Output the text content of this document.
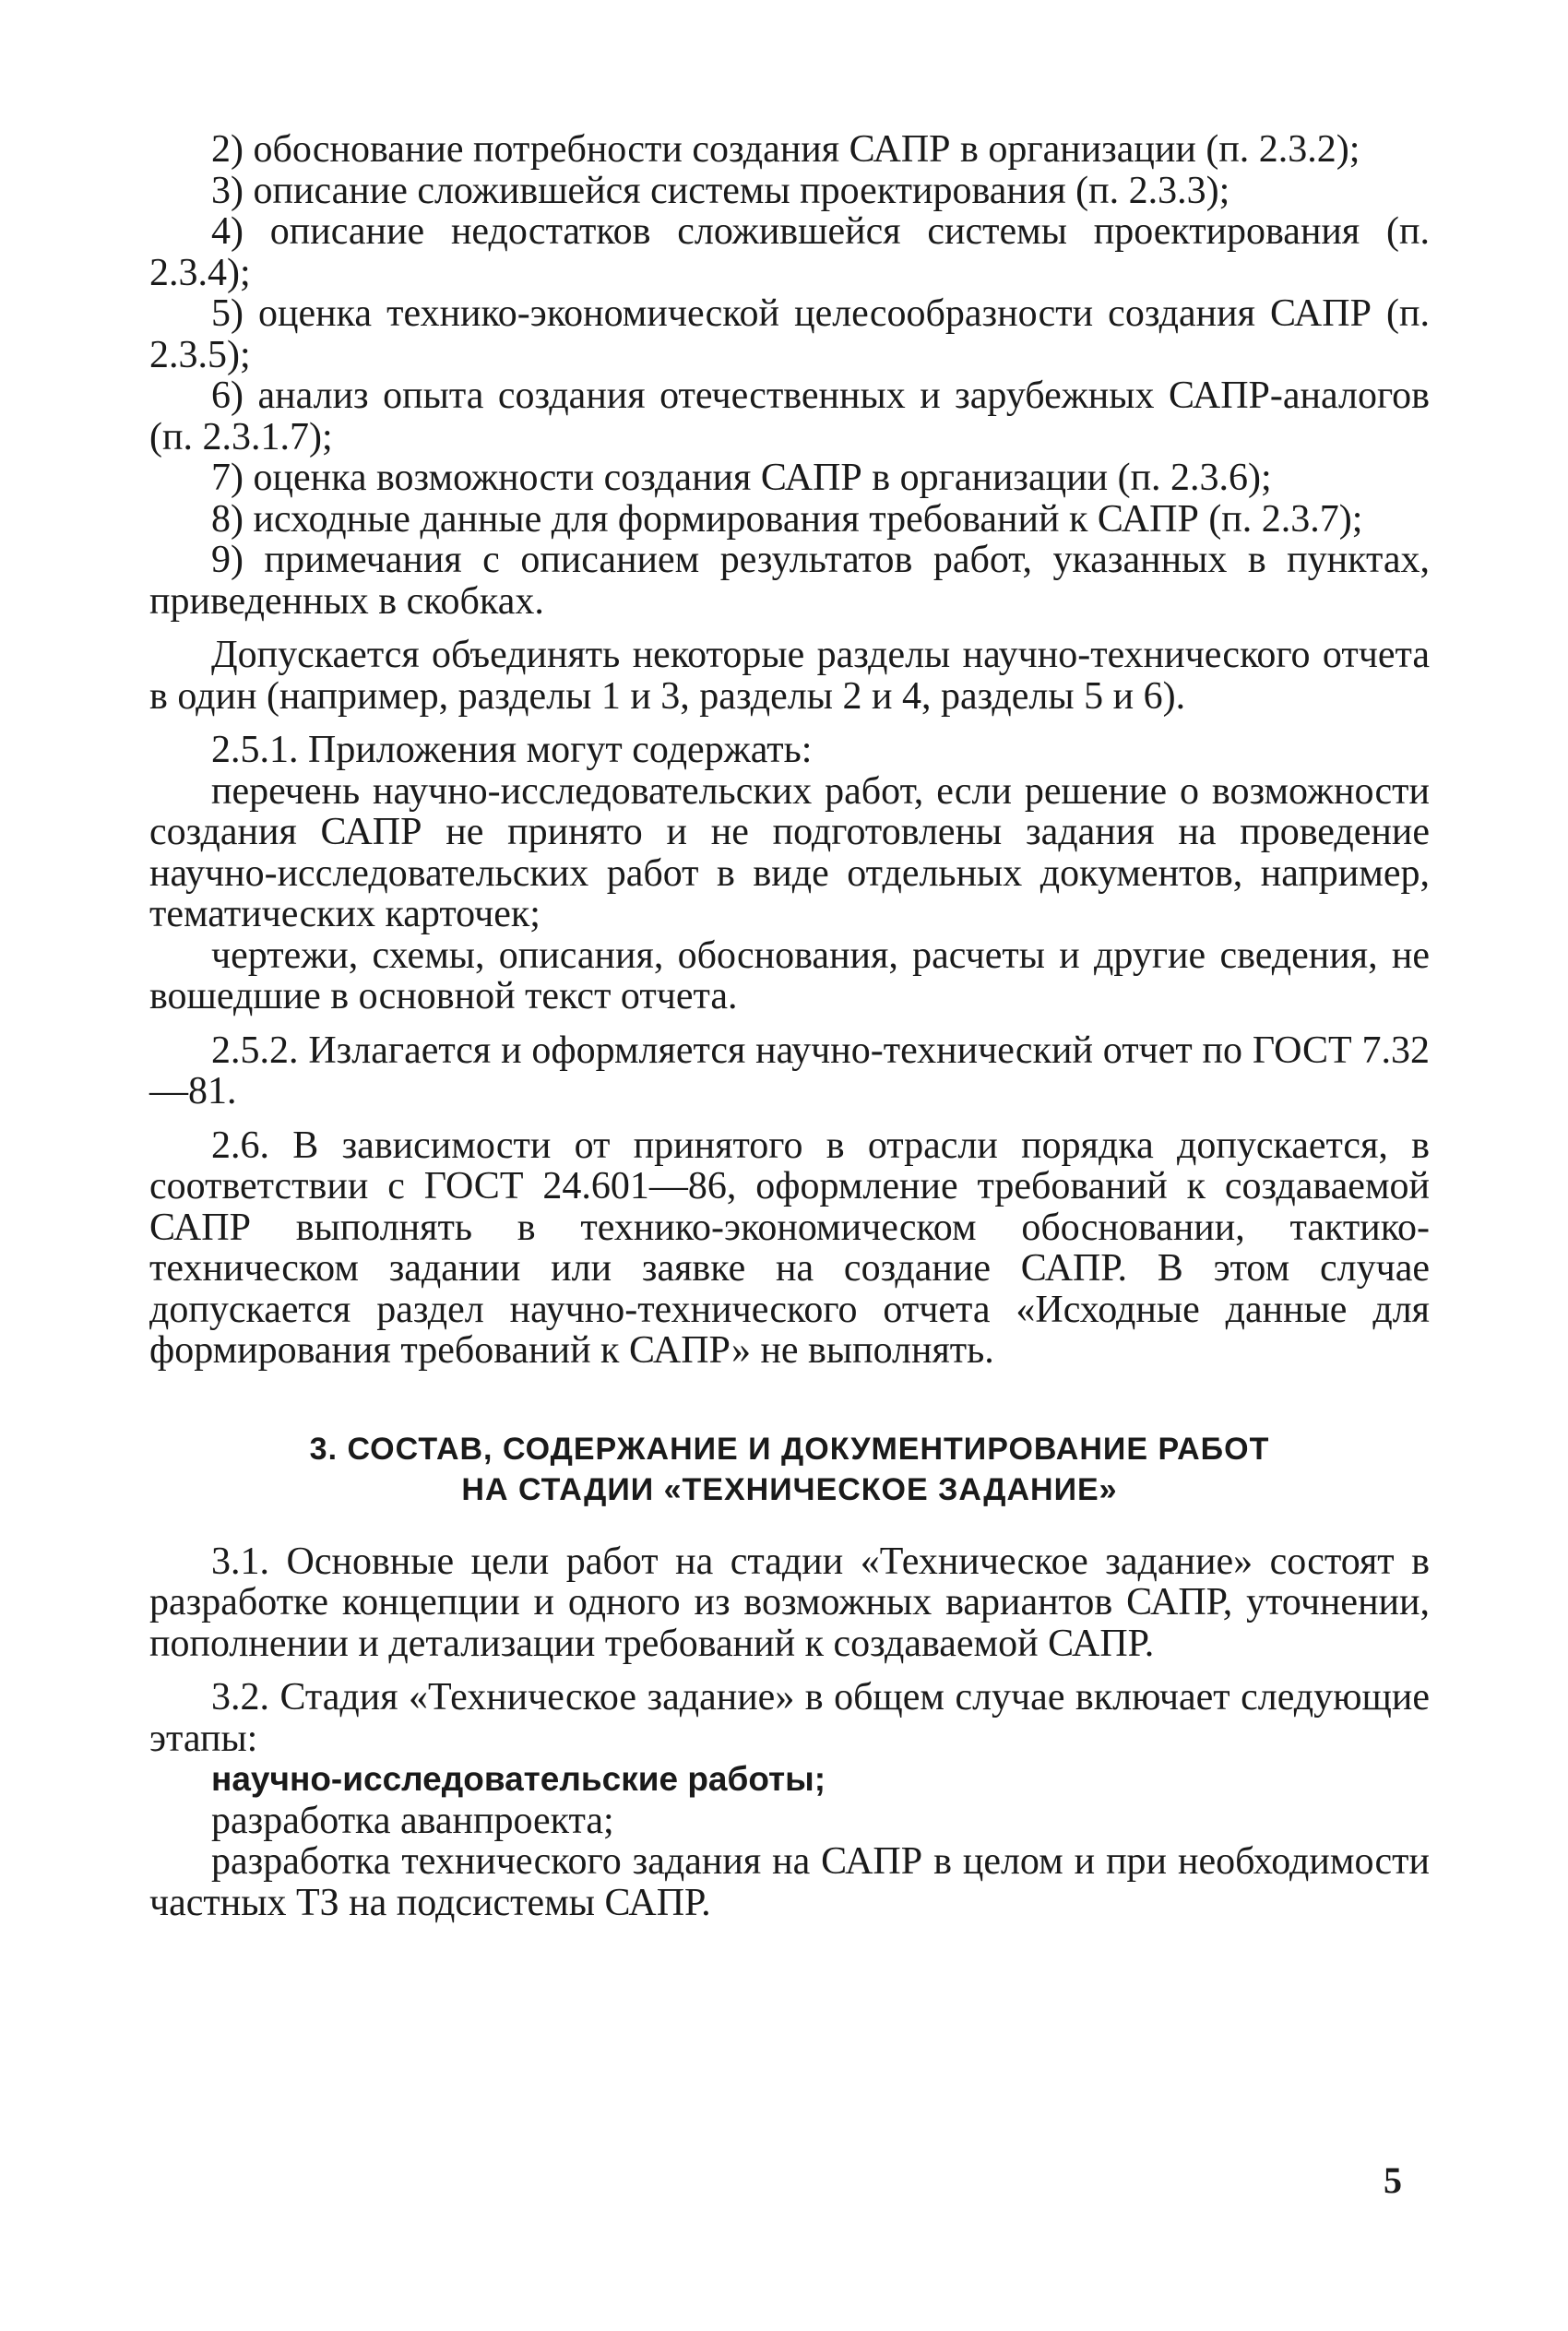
2) обоснование потребности создания САПР в организации (п. 2.3.2);

3) описание сложившейся системы проектирования (п. 2.3.3);

4) описание недостатков сложившейся системы проектирования (п. 2.3.4);

5) оценка технико-экономической целесообразности создания САПР (п. 2.3.5);

6) анализ опыта создания отечественных и зарубежных САПР-аналогов (п. 2.3.1.7);

7) оценка возможности создания САПР в организации (п. 2.3.6);

8) исходные данные для формирования требований к САПР (п. 2.3.7);

9) примечания с описанием результатов работ, указанных в пунктах, приведенных в скобках.

Допускается объединять некоторые разделы научно-технического отчета в один (например, разделы 1 и 3, разделы 2 и 4, разделы 5 и 6).

2.5.1. Приложения могут содержать:

перечень научно-исследовательских работ, если решение о возможности создания САПР не принято и не подготовлены задания на проведение научно-исследовательских работ в виде отдельных документов, например, тематических карточек;

чертежи, схемы, описания, обоснования, расчеты и другие сведения, не вошедшие в основной текст отчета.

2.5.2. Излагается и оформляется научно-технический отчет по ГОСТ 7.32—81.

2.6. В зависимости от принятого в отрасли порядка допускается, в соответствии с ГОСТ 24.601—86, оформление требований к создаваемой САПР выполнять в технико-экономическом обосновании, тактико-техническом задании или заявке на создание САПР. В этом случае допускается раздел научно-технического отчета «Исходные данные для формирования требований к САПР» не выполнять.

3. СОСТАВ, СОДЕРЖАНИЕ И ДОКУМЕНТИРОВАНИЕ РАБОТ
НА СТАДИИ «ТЕХНИЧЕСКОЕ ЗАДАНИЕ»

3.1. Основные цели работ на стадии «Техническое задание» состоят в разработке концепции и одного из возможных вариантов САПР, уточнении, пополнении и детализации требований к создаваемой САПР.

3.2. Стадия «Техническое задание» в общем случае включает следующие этапы:

научно-исследовательские работы;

разработка аванпроекта;

разработка технического задания на САПР в целом и при необходимости частных ТЗ на подсистемы САПР.

5
